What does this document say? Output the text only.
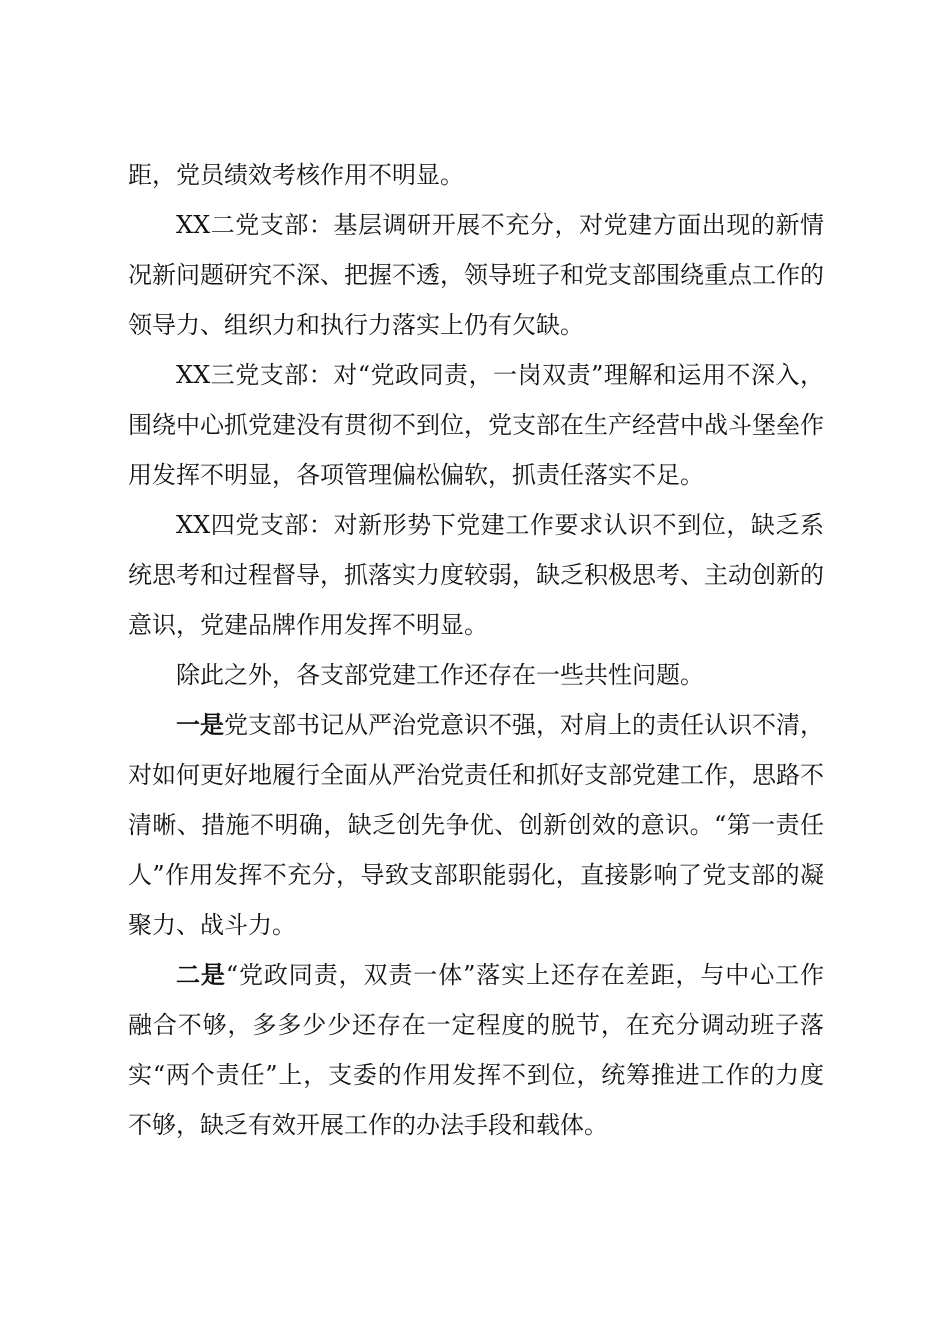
距，党员绩效考核作用不明显。

XX二党支部：基层调研开展不充分，对党建方面出现的新情况新问题研究不深、把握不透，领导班子和党支部围绕重点工作的领导力、组织力和执行力落实上仍有欠缺。

XX三党支部：对“党政同责，一岗双责”理解和运用不深入，围绕中心抓党建没有贯彻不到位，党支部在生产经营中战斗堡垒作用发挥不明显，各项管理偏松偏软，抓责任落实不足。

XX四党支部：对新形势下党建工作要求认识不到位，缺乏系统思考和过程督导，抓落实力度较弱，缺乏积极思考、主动创新的意识，党建品牌作用发挥不明显。

除此之外，各支部党建工作还存在一些共性问题。

一是党支部书记从严治党意识不强，对肩上的责任认识不清，对如何更好地履行全面从严治党责任和抓好支部党建工作，思路不清晰、措施不明确，缺乏创先争优、创新创效的意识。“第一责任人”作用发挥不充分，导致支部职能弱化，直接影响了党支部的凝聚力、战斗力。

二是“党政同责，双责一体”落实上还存在差距，与中心工作融合不够，多多少少还存在一定程度的脱节，在充分调动班子落实“两个责任”上，支委的作用发挥不到位，统筹推进工作的力度不够，缺乏有效开展工作的办法手段和载体。
